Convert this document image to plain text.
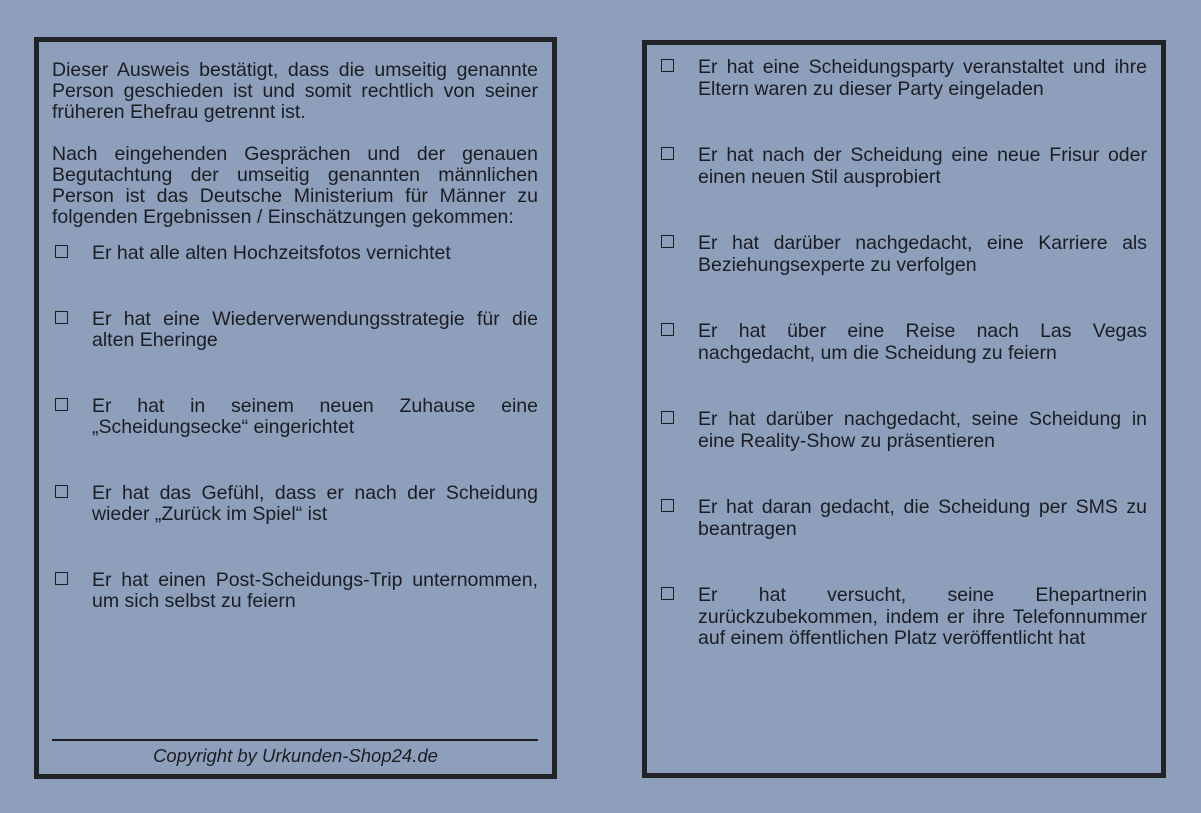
Dieser Ausweis bestätigt, dass die umseitig genannte Person geschieden ist und somit rechtlich von seiner früheren Ehefrau getrennt ist.

Nach eingehenden Gesprächen und der genauen Begutachtung der umseitig genannten männlichen Person ist das Deutsche Ministerium für Männer zu folgenden Ergebnissen / Einschätzungen gekommen:

Er hat alle alten Hochzeitsfotos vernichtet
Er hat eine Wiederverwendungsstrategie für die alten Eheringe
Er hat in seinem neuen Zuhause eine „Scheidungsecke“ eingerichtet
Er hat das Gefühl, dass er nach der Scheidung wieder „Zurück im Spiel“ ist
Er hat einen Post-Scheidungs-Trip unternommen, um sich selbst zu feiern
Copyright by Urkunden-Shop24.de
Er hat eine Scheidungsparty veranstaltet und ihre Eltern waren zu dieser Party eingeladen
Er hat nach der Scheidung eine neue Frisur oder einen neuen Stil ausprobiert
Er hat darüber nachgedacht, eine Karriere als Beziehungsexperte zu verfolgen
Er hat über eine Reise nach Las Vegas nachgedacht, um die Scheidung zu feiern
Er hat darüber nachgedacht, seine Scheidung in eine Reality-Show zu präsentieren
Er hat daran gedacht, die Scheidung per SMS zu beantragen
Er hat versucht, seine Ehepartnerin zurückzubekommen, indem er ihre Telefonnummer auf einem öffentlichen Platz veröffentlicht hat
